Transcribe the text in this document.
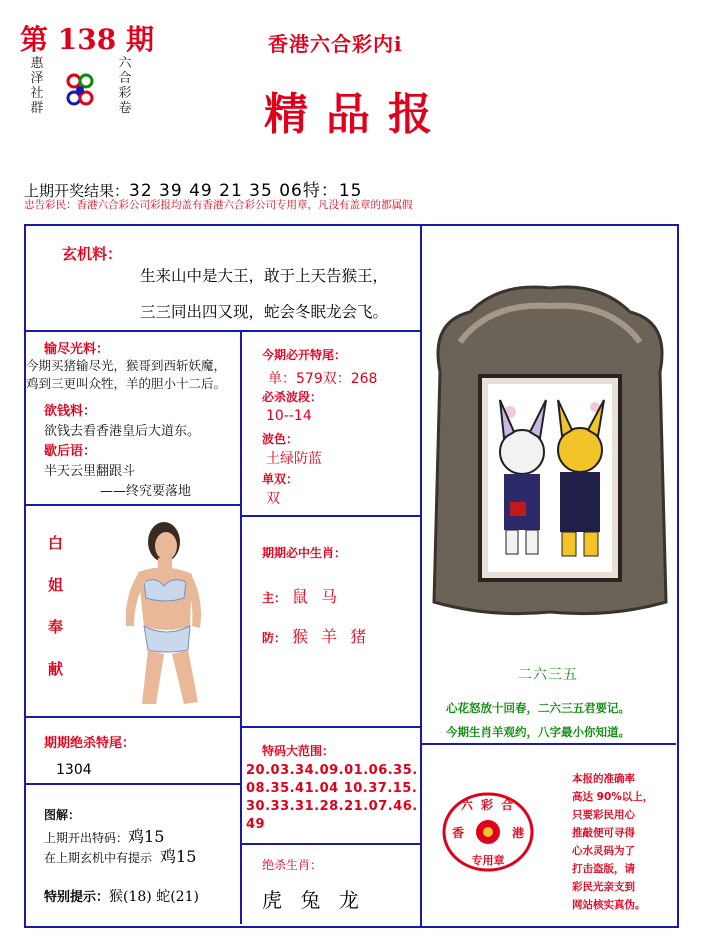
第 138 期
惠泽社群
六合彩卷
香港六合彩内i
精品报
上期开奖结果：32 39 49 21 35 06特：15
忠告彩民：香港六合彩公司彩报均盖有香港六合彩公司专用章，凡没有盖章的都属假
玄机料：
生来山中是大王，敢于上天告猴王，
三三同出四又现，蛇会冬眠龙会飞。
输尽光料：
今期买猪输尽光，猴哥到西斩妖魔，
鸡到三更叫众牲，羊的胆小十二后。
欲钱料：
欲钱去看香港皇后大道东。
歇后语：
半天云里翻跟斗
——终究要落地
白
姐
奉
献
期期绝杀特尾：
1304
图解：
上期开出特码：鸡15
在上期玄机中有提示 鸡15
特别提示：猴(18) 蛇(21)
今期必开特尾：
单：579双：268
必杀波段：
10--14
波色：
土绿防蓝
单双：
双
期期必中生肖：
主： 鼠 马
防： 猴 羊 猪
特码大范围：
20.03.34.09.01.06.35.
08.35.41.04 10.37.15.
30.33.31.28.21.07.46.
49
绝杀生肖：
虎 兔 龙
二六三五
心花怒放十回春，二六三五君要记。
今期生肖羊观约，八字最小你知道。
六 彩 合
香	港
专用章
本报的准确率
高达 90%以上，
只要彩民用心
推敲便可寻得
心水灵码为了
打击盗版，请
彩民光亲支到
网站核实真伪。
